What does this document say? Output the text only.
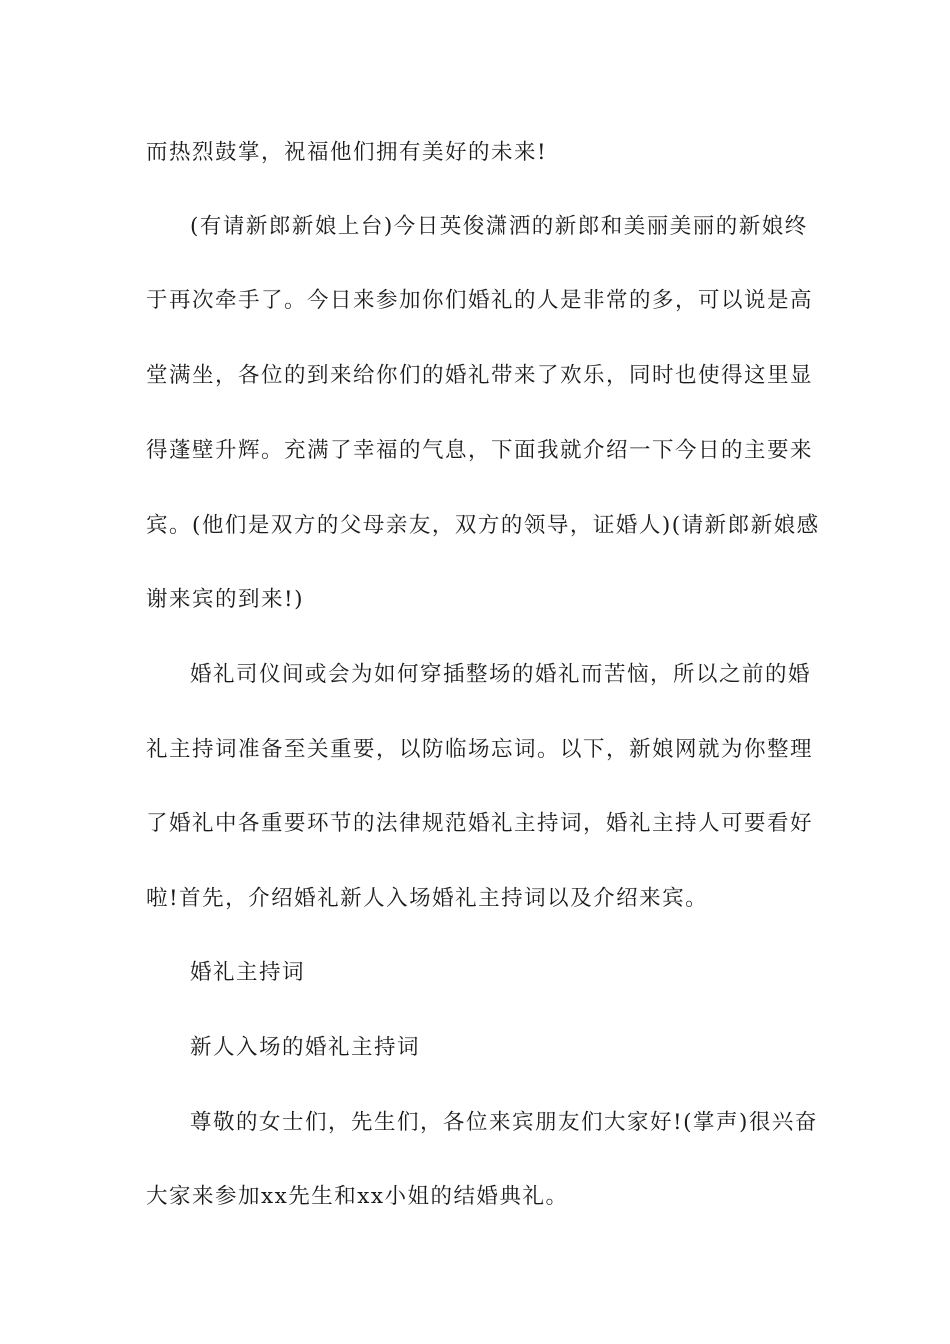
而热烈鼓掌，祝福他们拥有美好的未来!

(有请新郎新娘上台)今日英俊潇洒的新郎和美丽美丽的新娘终

于再次牵手了。今日来参加你们婚礼的人是非常的多，可以说是高

堂满坐，各位的到来给你们的婚礼带来了欢乐，同时也使得这里显

得蓬壁升辉。充满了幸福的气息，下面我就介绍一下今日的主要来

宾。(他们是双方的父母亲友，双方的领导，证婚人)(请新郎新娘感

谢来宾的到来!)

婚礼司仪间或会为如何穿插整场的婚礼而苦恼，所以之前的婚

礼主持词准备至关重要，以防临场忘词。以下，新娘网就为你整理

了婚礼中各重要环节的法律规范婚礼主持词，婚礼主持人可要看好

啦!首先，介绍婚礼新人入场婚礼主持词以及介绍来宾。

婚礼主持词

新人入场的婚礼主持词

尊敬的女士们，先生们，各位来宾朋友们大家好!(掌声)很兴奋

大家来参加xx先生和xx小姐的结婚典礼。
